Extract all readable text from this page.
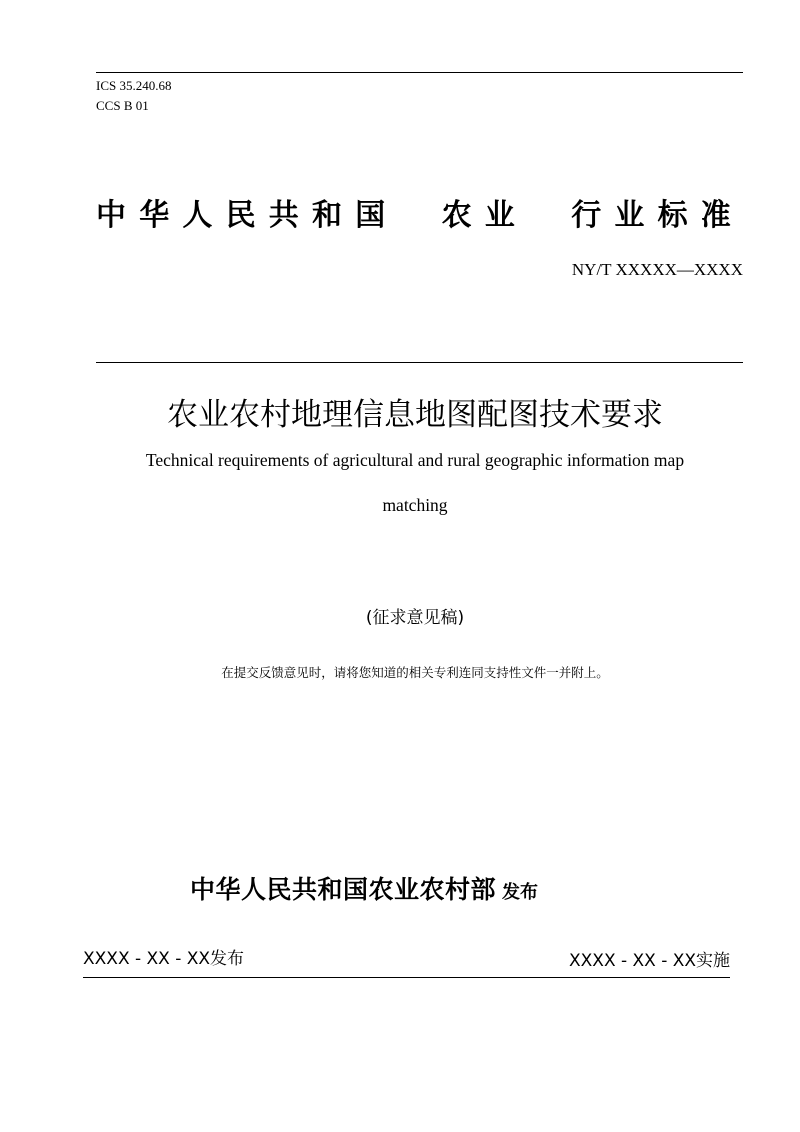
ICS 35.240.68
CCS B 01
中 华 人 民 共 和 国 农 业 行 业 标 准
NY/T XXXXX—XXXX
农业农村地理信息地图配图技术要求
Technical requirements of agricultural and rural geographic information map
matching
(征求意见稿)
在提交反馈意见时，请将您知道的相关专利连同支持性文件一并附上。
中华人民共和国农业农村部 发布
XXXX - XX - XX发布	XXXX - XX - XX实施
